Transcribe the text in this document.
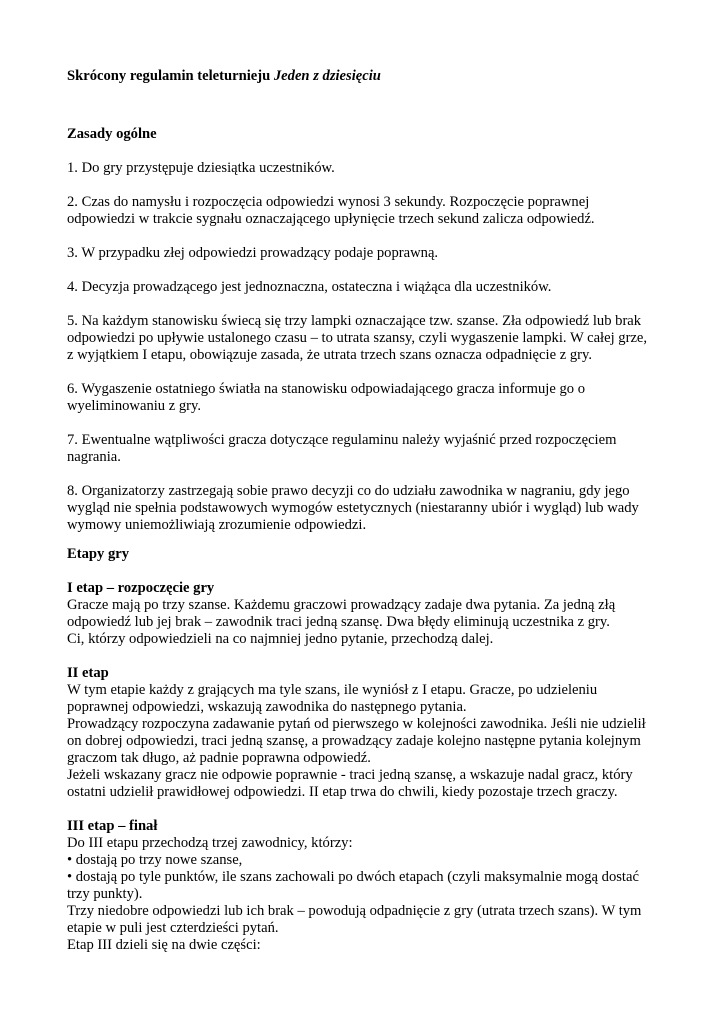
Skrócony regulamin teleturnieju Jeden z dziesięciu
Zasady ogólne
1. Do gry przystępuje dziesiątka uczestników.
2. Czas do namysłu i rozpoczęcia odpowiedzi wynosi 3 sekundy. Rozpoczęcie poprawnej
odpowiedzi w trakcie sygnału oznaczającego upłynięcie trzech sekund zalicza odpowiedź.
3. W przypadku złej odpowiedzi prowadzący podaje poprawną.
4. Decyzja prowadzącego jest jednoznaczna, ostateczna i wiążąca dla uczestników.
5. Na każdym stanowisku świecą się trzy lampki oznaczające tzw. szanse. Zła odpowiedź lub brak
odpowiedzi po upływie ustalonego czasu – to utrata szansy, czyli wygaszenie lampki. W całej grze,
z wyjątkiem I etapu, obowiązuje zasada, że utrata trzech szans oznacza odpadnięcie z gry.
6. Wygaszenie ostatniego światła na stanowisku odpowiadającego gracza informuje go o
wyeliminowaniu z gry.
7. Ewentualne wątpliwości gracza dotyczące regulaminu należy wyjaśnić przed rozpoczęciem
nagrania.
8. Organizatorzy zastrzegają sobie prawo decyzji co do udziału zawodnika w nagraniu, gdy jego
wygląd nie spełnia podstawowych wymogów estetycznych (niestaranny ubiór i wygląd) lub wady
wymowy uniemożliwiają zrozumienie odpowiedzi.
Etapy gry
I etap – rozpoczęcie gry
Gracze mają po trzy szanse. Każdemu graczowi prowadzący zadaje dwa pytania. Za jedną złą
odpowiedź lub jej brak – zawodnik traci jedną szansę. Dwa błędy eliminują uczestnika z gry.
Ci, którzy odpowiedzieli na co najmniej jedno pytanie, przechodzą dalej.
II etap
W tym etapie każdy z grających ma tyle szans, ile wyniósł z I etapu. Gracze, po udzieleniu
poprawnej odpowiedzi, wskazują zawodnika do następnego pytania.
Prowadzący rozpoczyna zadawanie pytań od pierwszego w kolejności zawodnika. Jeśli nie udzielił
on dobrej odpowiedzi, traci jedną szansę, a prowadzący zadaje kolejno następne pytania kolejnym
graczom tak długo, aż padnie poprawna odpowiedź.
Jeżeli wskazany gracz nie odpowie poprawnie - traci jedną szansę, a wskazuje nadal gracz, który
ostatni udzielił prawidłowej odpowiedzi. II etap trwa do chwili, kiedy pozostaje trzech graczy.
III etap – finał
Do III etapu przechodzą trzej zawodnicy, którzy:
• dostają po trzy nowe szanse,
• dostają po tyle punktów, ile szans zachowali po dwóch etapach (czyli maksymalnie mogą dostać
trzy punkty).
Trzy niedobre odpowiedzi lub ich brak – powodują odpadnięcie z gry (utrata trzech szans). W tym
etapie w puli jest czterdzieści pytań.
Etap III dzieli się na dwie części:
